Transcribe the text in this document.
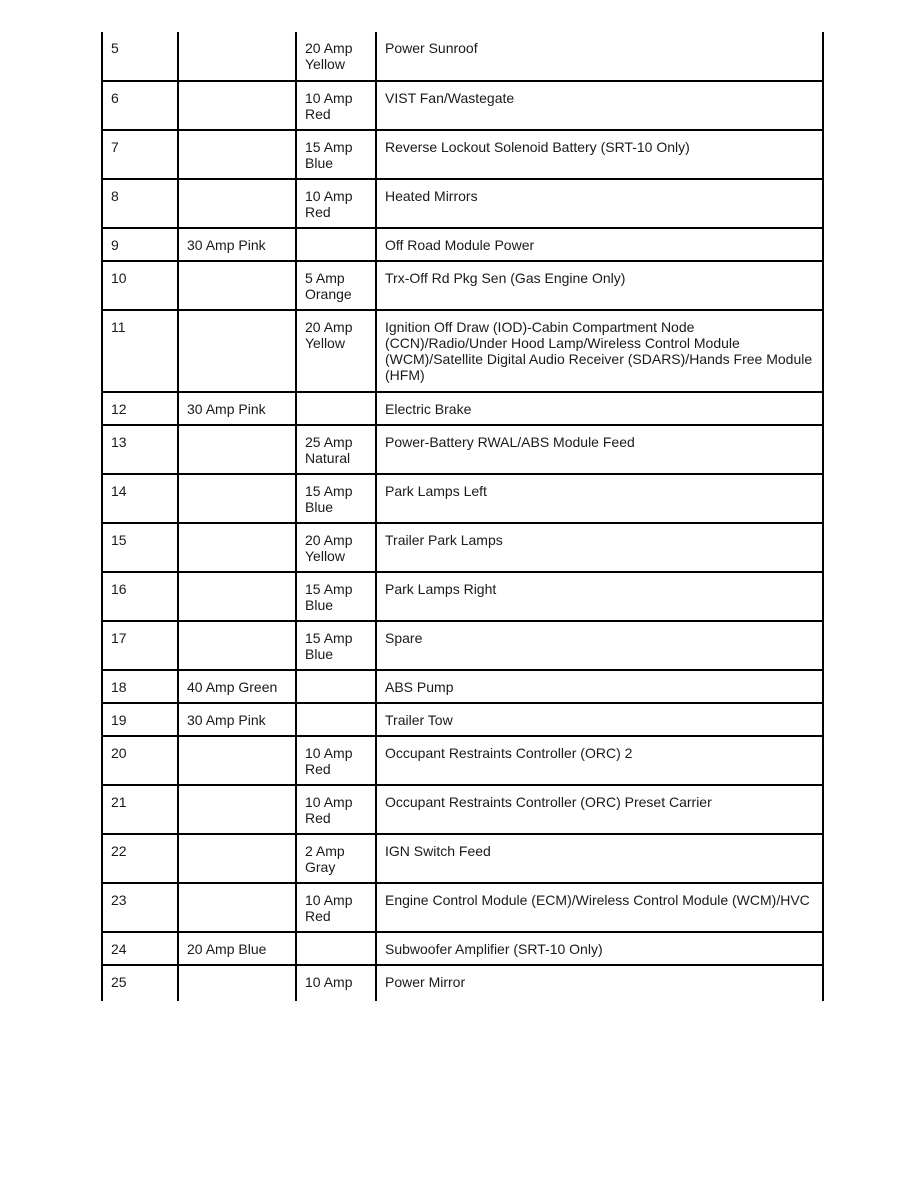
5		20 Amp Yellow	Power Sunroof
6		10 Amp Red	VIST Fan/Wastegate
7		15 Amp Blue	Reverse Lockout Solenoid Battery (SRT-10 Only)
8		10 Amp Red	Heated Mirrors
9	30 Amp Pink		Off Road Module Power
10		5 Amp Orange	Trx-Off Rd Pkg Sen (Gas Engine Only)
11		20 Amp Yellow	Ignition Off Draw (IOD)-Cabin Compartment Node (CCN)/Radio/Under Hood Lamp/Wireless Control Module (WCM)/Satellite Digital Audio Receiver (SDARS)/Hands Free Module (HFM)
12	30 Amp Pink		Electric Brake
13		25 Amp Natural	Power-Battery RWAL/ABS Module Feed
14		15 Amp Blue	Park Lamps Left
15		20 Amp Yellow	Trailer Park Lamps
16		15 Amp Blue	Park Lamps Right
17		15 Amp Blue	Spare
18	40 Amp Green		ABS Pump
19	30 Amp Pink		Trailer Tow
20		10 Amp Red	Occupant Restraints Controller (ORC) 2
21		10 Amp Red	Occupant Restraints Controller (ORC) Preset Carrier
22		2 Amp Gray	IGN Switch Feed
23		10 Amp Red	Engine Control Module (ECM)/Wireless Control Module (WCM)/HVC
24	20 Amp Blue		Subwoofer Amplifier (SRT-10 Only)
25		10 Amp	Power Mirror
